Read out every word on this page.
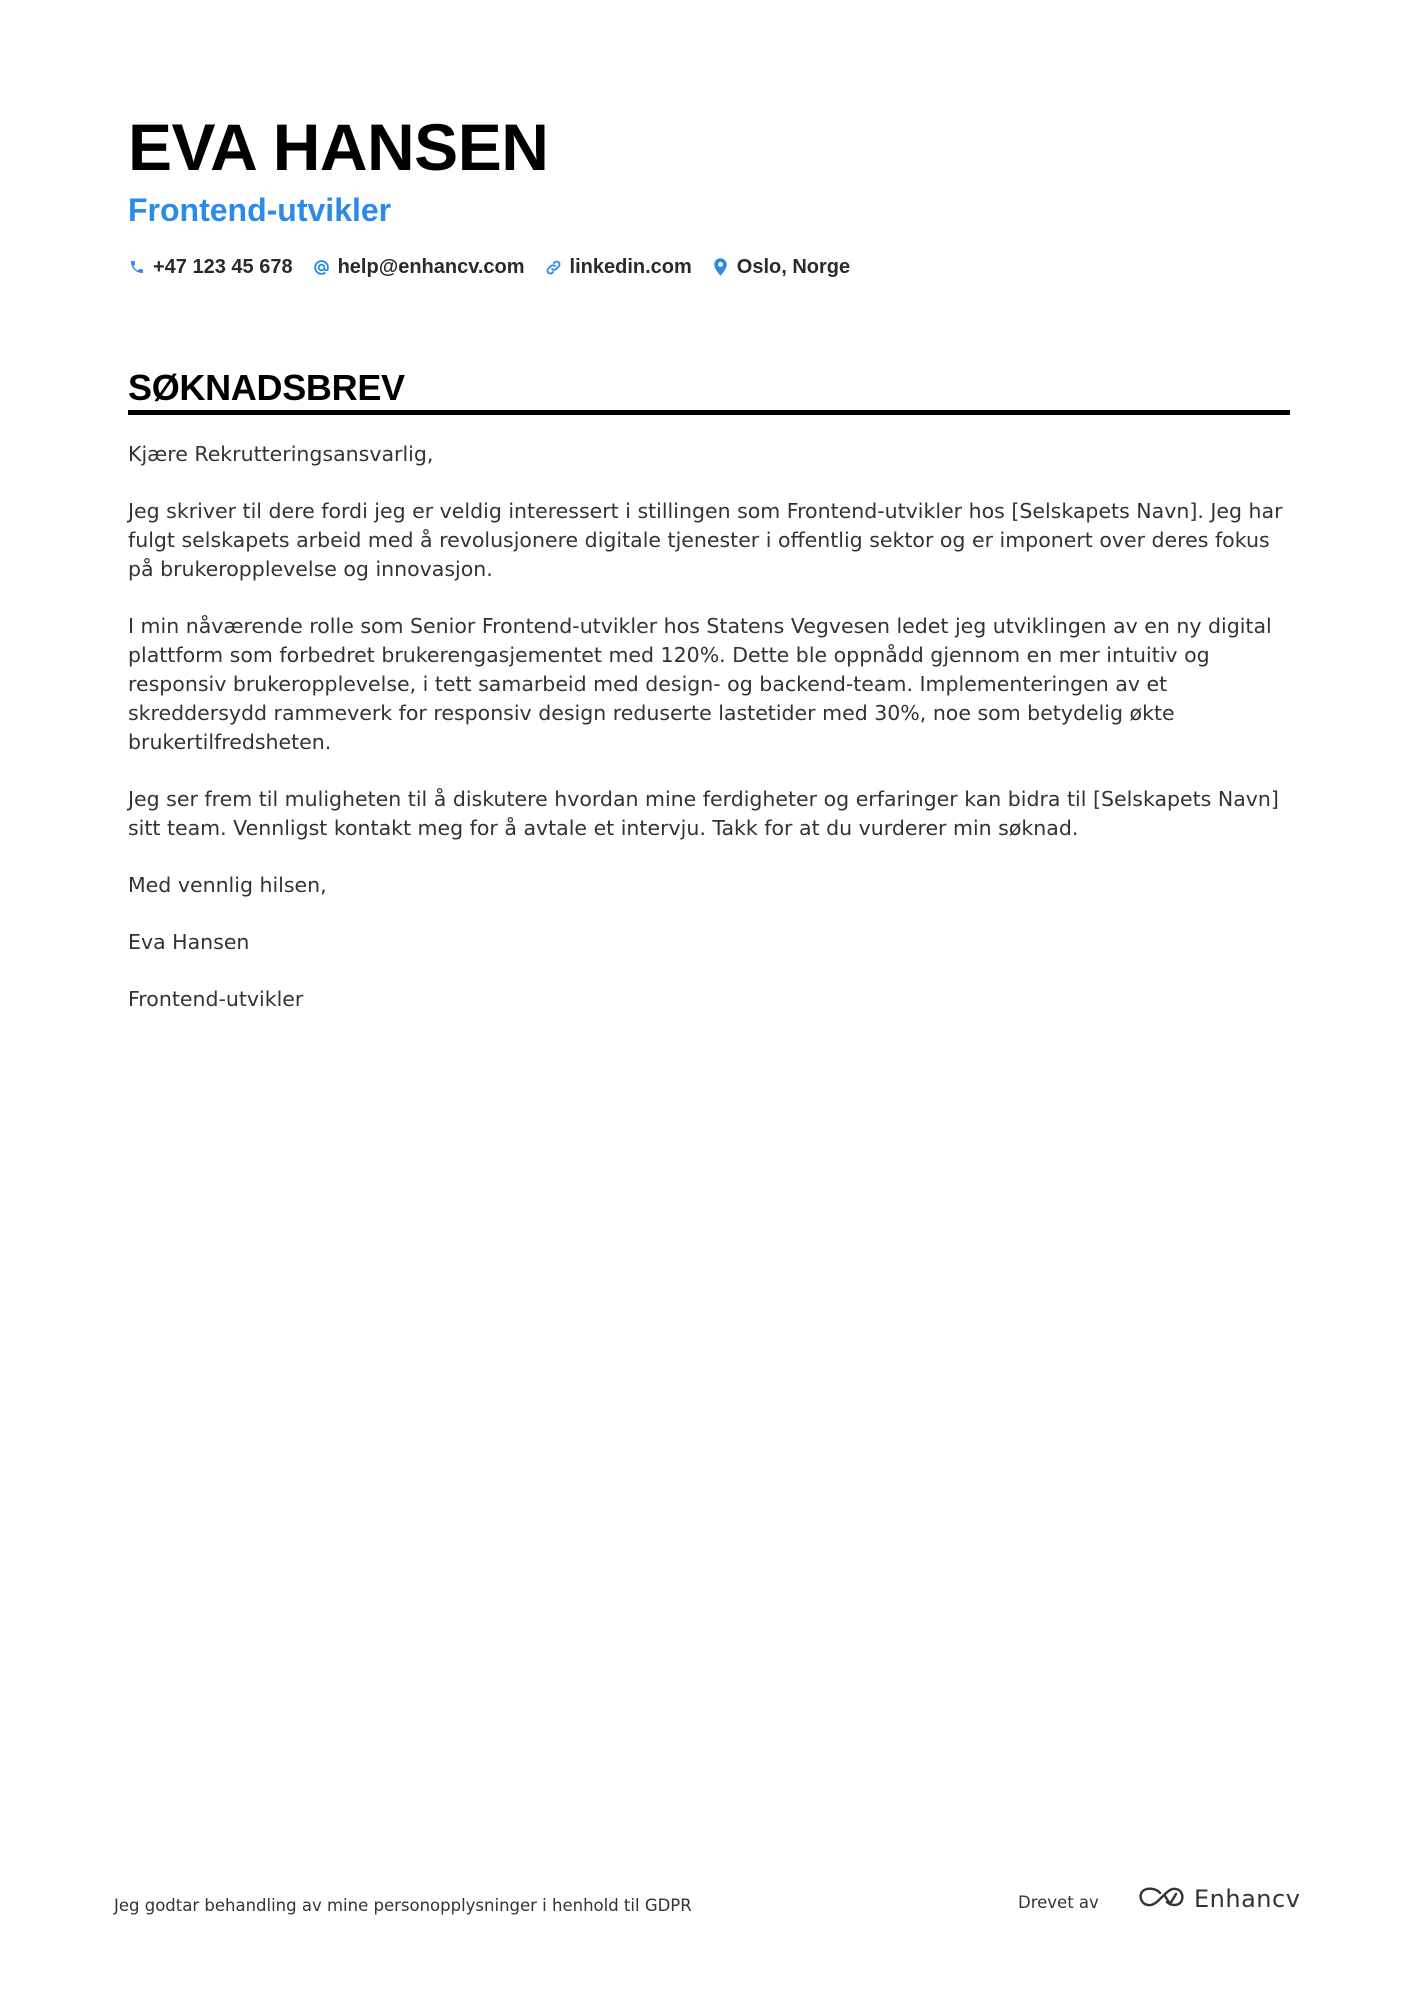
EVA HANSEN
Frontend-utvikler
+47 123 45 678 help@enhancv.com linkedin.com Oslo, Norge
SØKNADSBREV

Kjære Rekrutteringsansvarlig,

Jeg skriver til dere fordi jeg er veldig interessert i stillingen som Frontend-utvikler hos [Selskapets Navn]. Jeg har fulgt selskapets arbeid med å revolusjonere digitale tjenester i offentlig sektor og er imponert over deres fokus på brukeropplevelse og innovasjon.

I min nåværende rolle som Senior Frontend-utvikler hos Statens Vegvesen ledet jeg utviklingen av en ny digital plattform som forbedret brukerengasjementet med 120%. Dette ble oppnådd gjennom en mer intuitiv og responsiv brukeropplevelse, i tett samarbeid med design- og backend-team. Implementeringen av et skreddersydd rammeverk for responsiv design reduserte lastetider med 30%, noe som betydelig økte brukertilfredsheten.

Jeg ser frem til muligheten til å diskutere hvordan mine ferdigheter og erfaringer kan bidra til [Selskapets Navn] sitt team. Vennligst kontakt meg for å avtale et intervju. Takk for at du vurderer min søknad.

Med vennlig hilsen,

Eva Hansen

Frontend-utvikler

Jeg godtar behandling av mine personopplysninger i henhold til GDPR	Drevet av	Enhancv
